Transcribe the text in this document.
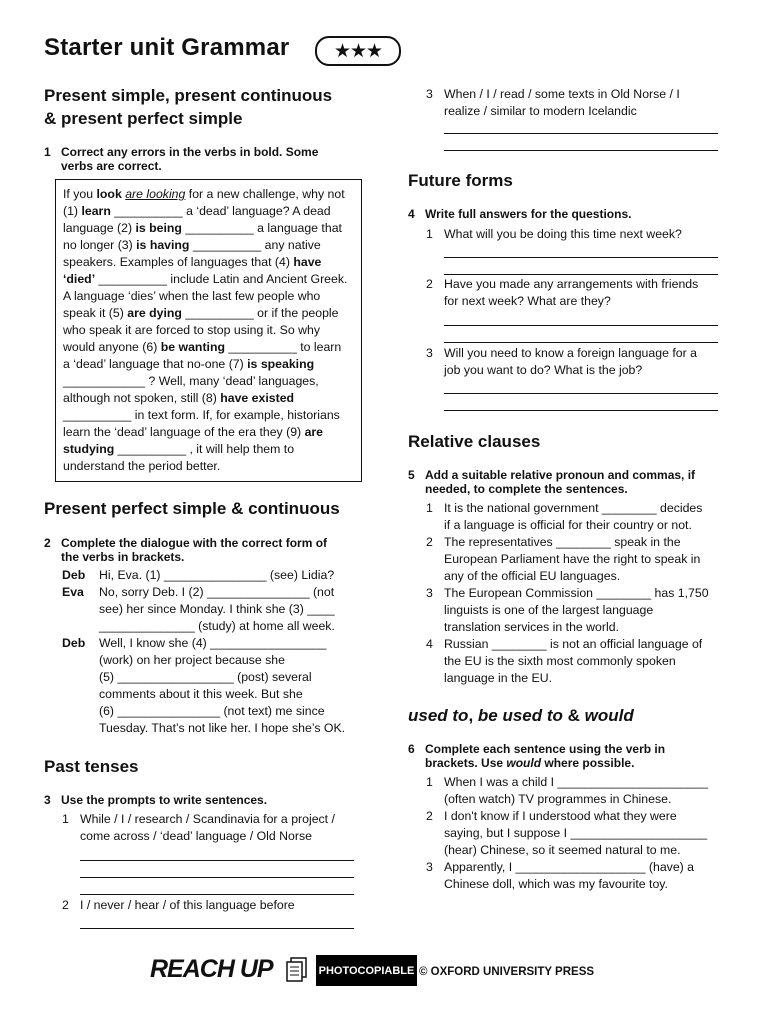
Starter unit Grammar	★★★
Present simple, present continuous
& present perfect simple
1 Correct any errors in the verbs in bold. Some
verbs are correct.
If you look are looking for a new challenge, why not
(1) learn __________ a ‘dead’ language? A dead
language (2) is being __________ a language that
no longer (3) is having __________ any native
speakers. Examples of languages that (4) have
‘died’ __________ include Latin and Ancient Greek.
A language ‘dies’ when the last few people who
speak it (5) are dying __________ or if the people
who speak it are forced to stop using it. So why
would anyone (6) be wanting __________ to learn
a ‘dead’ language that no-one (7) is speaking
____________ ? Well, many ‘dead’ languages,
although not spoken, still (8) have existed
__________ in text form. If, for example, historians
learn the ‘dead’ language of the era they (9) are
studying __________ , it will help them to
understand the period better.
Present perfect simple & continuous
2 Complete the dialogue with the correct form of
the verbs in brackets.
Deb Hi, Eva. (1) _______________ (see) Lidia?
Eva No, sorry Deb. I (2) _______________ (not
see) her since Monday. I think she (3) ____
______________ (study) at home all week.
Deb Well, I know she (4) _________________
(work) on her project because she
(5) _________________ (post) several
comments about it this week. But she
(6) _______________ (not text) me since
Tuesday. That’s not like her. I hope she’s OK.
Past tenses
3 Use the prompts to write sentences.
1 While / I / research / Scandinavia for a project /
come across / ‘dead’ language / Old Norse
2 I / never / hear / of this language before
3 When / I / read / some texts in Old Norse / I
realize / similar to modern Icelandic
Future forms
4 Write full answers for the questions.
1 What will you be doing this time next week?
2 Have you made any arrangements with friends
for next week? What are they?
3 Will you need to know a foreign language for a
job you want to do? What is the job?
Relative clauses
5 Add a suitable relative pronoun and commas, if
needed, to complete the sentences.
1 It is the national government ________ decides
if a language is official for their country or not.
2 The representatives ________ speak in the
European Parliament have the right to speak in
any of the official EU languages.
3 The European Commission ________ has 1,750
linguists is one of the largest language
translation services in the world.
4 Russian ________ is not an official language of
the EU is the sixth most commonly spoken
language in the EU.
used to, be used to & would
6 Complete each sentence using the verb in
brackets. Use would where possible.
1 When I was a child I ______________________
(often watch) TV programmes in Chinese.
2 I don't know if I understood what they were
saying, but I suppose I ____________________
(hear) Chinese, so it seemed natural to me.
3 Apparently, I ___________________ (have) a
Chinese doll, which was my favourite toy.
REACH UP	PHOTOCOPIABLE © OXFORD UNIVERSITY PRESS
